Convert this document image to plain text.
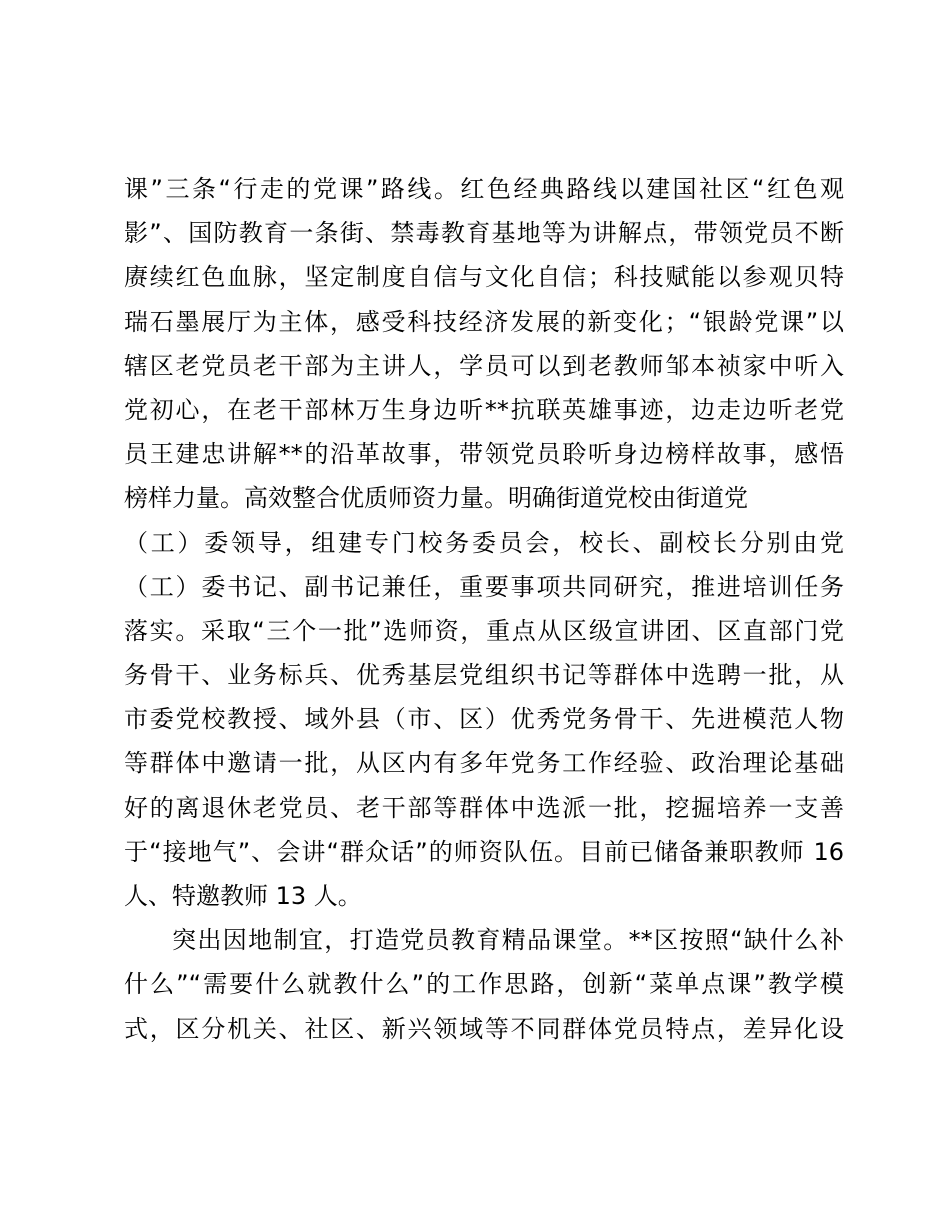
课”三条“行走的党课”路线。红色经典路线以建国社区“红色观
影”、国防教育一条街、禁毒教育基地等为讲解点，带领党员不断
赓续红色血脉，坚定制度自信与文化自信；科技赋能以参观贝特
瑞石墨展厅为主体，感受科技经济发展的新变化；“银龄党课”以
辖区老党员老干部为主讲人，学员可以到老教师邹本祯家中听入
党初心，在老干部林万生身边听**抗联英雄事迹，边走边听老党
员王建忠讲解**的沿革故事，带领党员聆听身边榜样故事，感悟
榜样力量。高效整合优质师资力量。明确街道党校由街道党
（工）委领导，组建专门校务委员会，校长、副校长分别由党
（工）委书记、副书记兼任，重要事项共同研究，推进培训任务
落实。采取“三个一批”选师资，重点从区级宣讲团、区直部门党
务骨干、业务标兵、优秀基层党组织书记等群体中选聘一批，从
市委党校教授、域外县（市、区）优秀党务骨干、先进模范人物
等群体中邀请一批，从区内有多年党务工作经验、政治理论基础
好的离退休老党员、老干部等群体中选派一批，挖掘培养一支善
于“接地气”、会讲“群众话”的师资队伍。目前已储备兼职教师 16
人、特邀教师 13 人。
突出因地制宜，打造党员教育精品课堂。**区按照“缺什么补
什么”“需要什么就教什么”的工作思路，创新“菜单点课”教学模
式，区分机关、社区、新兴领域等不同群体党员特点，差异化设
